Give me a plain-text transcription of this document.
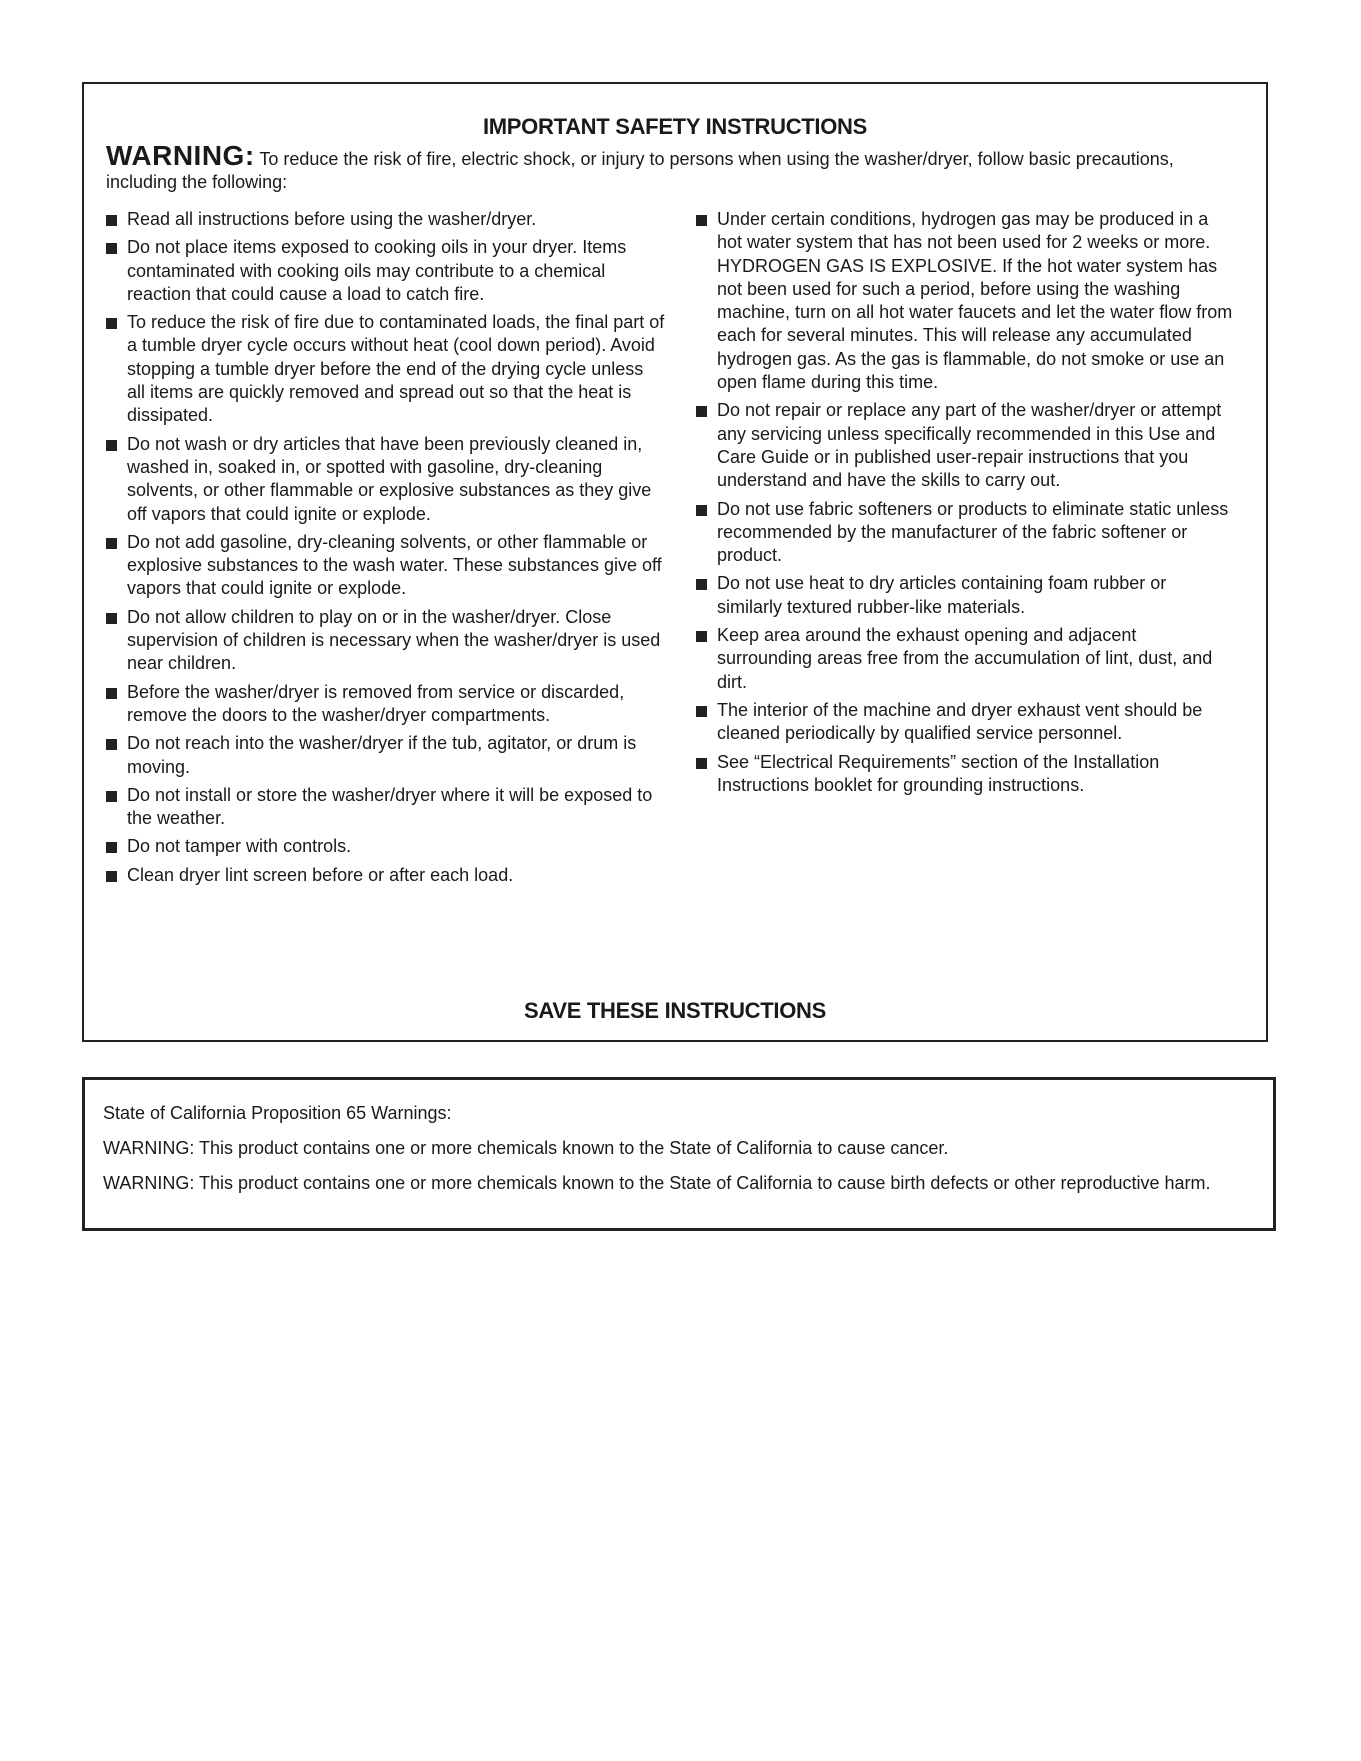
IMPORTANT SAFETY INSTRUCTIONS
WARNING: To reduce the risk of fire, electric shock, or injury to persons when using the washer/dryer, follow basic precautions, including the following:
Read all instructions before using the washer/dryer.
Do not place items exposed to cooking oils in your dryer. Items contaminated with cooking oils may contribute to a chemical reaction that could cause a load to catch fire.
To reduce the risk of fire due to contaminated loads, the final part of a tumble dryer cycle occurs without heat (cool down period). Avoid stopping a tumble dryer before the end of the drying cycle unless all items are quickly removed and spread out so that the heat is dissipated.
Do not wash or dry articles that have been previously cleaned in, washed in, soaked in, or spotted with gasoline, dry-cleaning solvents, or other flammable or explosive substances as they give off vapors that could ignite or explode.
Do not add gasoline, dry-cleaning solvents, or other flammable or explosive substances to the wash water. These substances give off vapors that could ignite or explode.
Do not allow children to play on or in the washer/dryer. Close supervision of children is necessary when the washer/dryer is used near children.
Before the washer/dryer is removed from service or discarded, remove the doors to the washer/dryer compartments.
Do not reach into the washer/dryer if the tub, agitator, or drum is moving.
Do not install or store the washer/dryer where it will be exposed to the weather.
Do not tamper with controls.
Clean dryer lint screen before or after each load.
Under certain conditions, hydrogen gas may be produced in a hot water system that has not been used for 2 weeks or more. HYDROGEN GAS IS EXPLOSIVE. If the hot water system has not been used for such a period, before using the washing machine, turn on all hot water faucets and let the water flow from each for several minutes. This will release any accumulated hydrogen gas. As the gas is flammable, do not smoke or use an open flame during this time.
Do not repair or replace any part of the washer/dryer or attempt any servicing unless specifically recommended in this Use and Care Guide or in published user-repair instructions that you understand and have the skills to carry out.
Do not use fabric softeners or products to eliminate static unless recommended by the manufacturer of the fabric softener or product.
Do not use heat to dry articles containing foam rubber or similarly textured rubber-like materials.
Keep area around the exhaust opening and adjacent surrounding areas free from the accumulation of lint, dust, and dirt.
The interior of the machine and dryer exhaust vent should be cleaned periodically by qualified service personnel.
See “Electrical Requirements” section of the Installation Instructions booklet for grounding instructions.
SAVE THESE INSTRUCTIONS

State of California Proposition 65 Warnings:

WARNING: This product contains one or more chemicals known to the State of California to cause cancer.

WARNING: This product contains one or more chemicals known to the State of California to cause birth defects or other reproductive harm.
